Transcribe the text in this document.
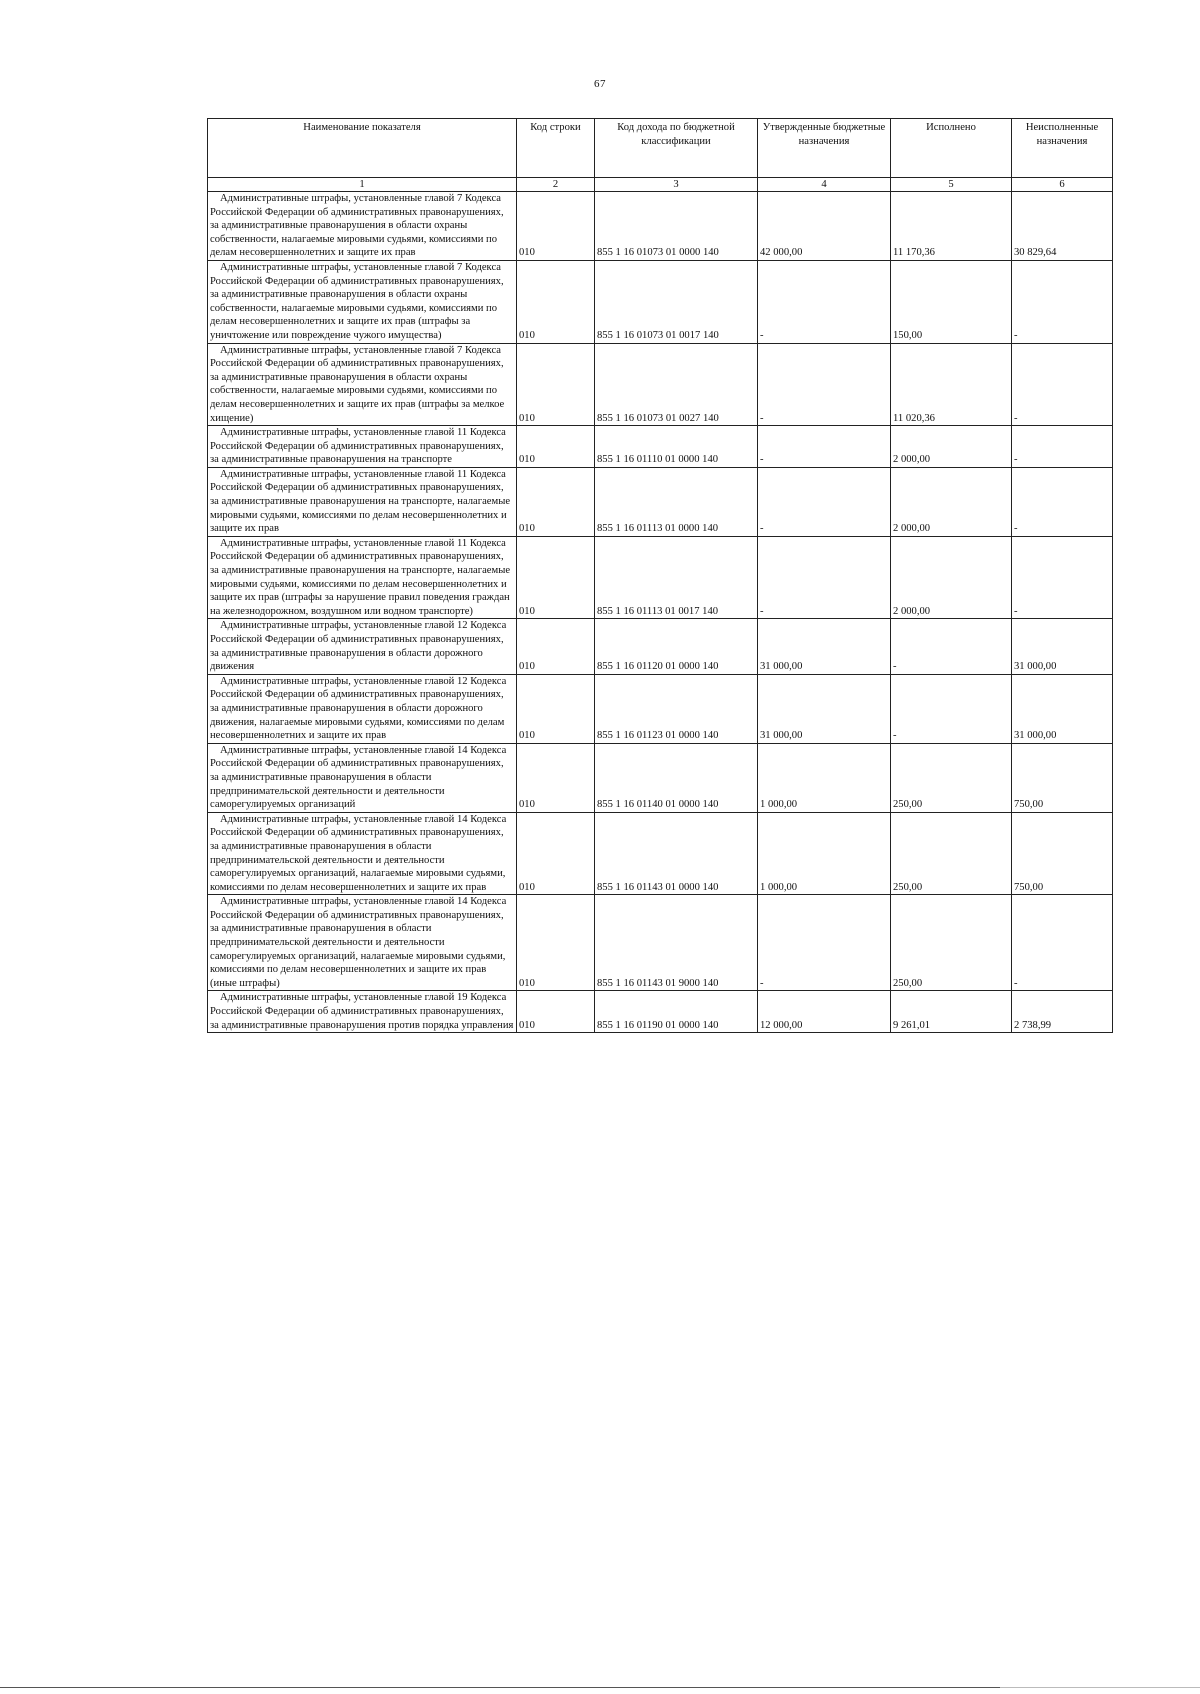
67
Наименование показателя	Код строки	Код дохода по бюджетной классификации	Утвержденные бюджетные назначения	Исполнено	Неисполненные назначения
1	2	3	4	5	6
Административные штрафы, установленные главой 7 Кодекса Российской Федерации об административных правонарушениях, за административные правонарушения в области охраны собственности, налагаемые мировыми судьями, комиссиями по делам несовершеннолетних и защите их прав	010	855 1 16 01073 01 0000 140	42 000,00	11 170,36	30 829,64
Административные штрафы, установленные главой 7 Кодекса Российской Федерации об административных правонарушениях, за административные правонарушения в области охраны собственности, налагаемые мировыми судьями, комиссиями по делам несовершеннолетних и защите их прав (штрафы за уничтожение или повреждение чужого имущества)	010	855 1 16 01073 01 0017 140	-	150,00	-
Административные штрафы, установленные главой 7 Кодекса Российской Федерации об административных правонарушениях, за административные правонарушения в области охраны собственности, налагаемые мировыми судьями, комиссиями по делам несовершеннолетних и защите их прав (штрафы за мелкое хищение)	010	855 1 16 01073 01 0027 140	-	11 020,36	-
Административные штрафы, установленные главой 11 Кодекса Российской Федерации об административных правонарушениях, за административные правонарушения на транспорте	010	855 1 16 01110 01 0000 140	-	2 000,00	-
Административные штрафы, установленные главой 11 Кодекса Российской Федерации об административных правонарушениях, за административные правонарушения на транспорте, налагаемые мировыми судьями, комиссиями по делам несовершеннолетних и защите их прав	010	855 1 16 01113 01 0000 140	-	2 000,00	-
Административные штрафы, установленные главой 11 Кодекса Российской Федерации об административных правонарушениях, за административные правонарушения на транспорте, налагаемые мировыми судьями, комиссиями по делам несовершеннолетних и защите их прав (штрафы за нарушение правил поведения граждан на железнодорожном, воздушном или водном транспорте)	010	855 1 16 01113 01 0017 140	-	2 000,00	-
Административные штрафы, установленные главой 12 Кодекса Российской Федерации об административных правонарушениях, за административные правонарушения в области дорожного движения	010	855 1 16 01120 01 0000 140	31 000,00	-	31 000,00
Административные штрафы, установленные главой 12 Кодекса Российской Федерации об административных правонарушениях, за административные правонарушения в области дорожного движения, налагаемые мировыми судьями, комиссиями по делам несовершеннолетних и защите их прав	010	855 1 16 01123 01 0000 140	31 000,00	-	31 000,00
Административные штрафы, установленные главой 14 Кодекса Российской Федерации об административных правонарушениях, за административные правонарушения в области предпринимательской деятельности и деятельности саморегулируемых организаций	010	855 1 16 01140 01 0000 140	1 000,00	250,00	750,00
Административные штрафы, установленные главой 14 Кодекса Российской Федерации об административных правонарушениях, за административные правонарушения в области предпринимательской деятельности и деятельности саморегулируемых организаций, налагаемые мировыми судьями, комиссиями по делам несовершеннолетних и защите их прав	010	855 1 16 01143 01 0000 140	1 000,00	250,00	750,00
Административные штрафы, установленные главой 14 Кодекса Российской Федерации об административных правонарушениях, за административные правонарушения в области предпринимательской деятельности и деятельности саморегулируемых организаций, налагаемые мировыми судьями, комиссиями по делам несовершеннолетних и защите их прав (иные штрафы)	010	855 1 16 01143 01 9000 140	-	250,00	-
Административные штрафы, установленные главой 19 Кодекса Российской Федерации об административных правонарушениях, за административные правонарушения против порядка управления	010	855 1 16 01190 01 0000 140	12 000,00	9 261,01	2 738,99
